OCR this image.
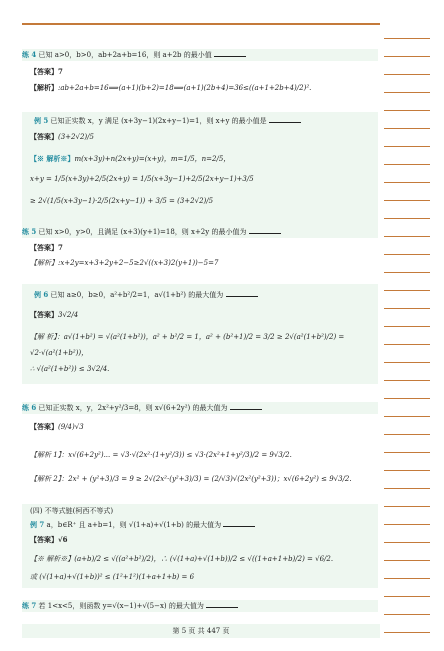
练 4 已知 a>0，b>0，ab+2a+b=16，则 a+2b 的最小值
【答案】7
【解析】:ab+2a+b=16⟹(a+1)(b+2)=18⟹(a+1)(2b+4)=36≤((a+1+2b+4)/2)².
例 5 已知正实数 x，y 满足 (x+3y−1)(2x+y−1)=1，则 x+y 的最小值是
【答案】(3+2√2)/5
【※ 解析※】m(x+3y)+n(2x+y)=(x+y)，m=1/5，n=2/5，
x+y = 1/5(x+3y)+2/5(2x+y) = 1/5(x+3y−1)+2/5(2x+y−1)+3/5
≥ 2√(1/5(x+3y−1)·2/5(2x+y−1)) + 3/5 = (3+2√2)/5
练 5 已知 x>0，y>0，且满足 (x+3)(y+1)=18，则 x+2y 的最小值为
【答案】7
【解析】:x+2y=x+3+2y+2−5≥2√((x+3)2(y+1))−5=7
例 6 已知 a≥0，b≥0，a²+b²/2=1，a√(1+b²) 的最大值为
【答案】3√2/4
【解 析】：a√(1+b²) = √(a²(1+b²))，a² + b²/2 = 1，a² + (b²+1)/2 = 3/2 ≥ 2√(a²(1+b²)/2) =
√2·√(a²(1+b²))，
∴ √(a²(1+b²)) ≤ 3√2/4.
练 6 已知正实数 x，y，2x²+y²/3=8，则 x√(6+2y²) 的最大值为
【答案】(9/4)√3
【解析 1】：x√(6+2y²)... = √3·√(2x²·(1+y²/3)) ≤ √3·(2x²+1+y²/3)/2 = 9√3/2.
【解析 2】：2x² + (y²+3)/3 = 9 ≥ 2√(2x²·(y²+3)/3) = (2/√3)√(2x²(y²+3))；x√(6+2y²) ≤ 9√3/2.
(四) 不等式链(柯西不等式)
例 7 a，b∈R⁺ 且 a+b=1，则 √(1+a)+√(1+b) 的最大值为
【答案】√6
【※ 解析※】(a+b)/2 ≤ √((a²+b²)/2)，∴ (√(1+a)+√(1+b))/2 ≤ √((1+a+1+b)/2) = √6/2.
或 (√(1+a)+√(1+b))² ≤ (1²+1²)(1+a+1+b) = 6
练 7 若 1<x<5，则函数 y=√(x−1)+√(5−x) 的最大值为
第 5 页 共 447 页
